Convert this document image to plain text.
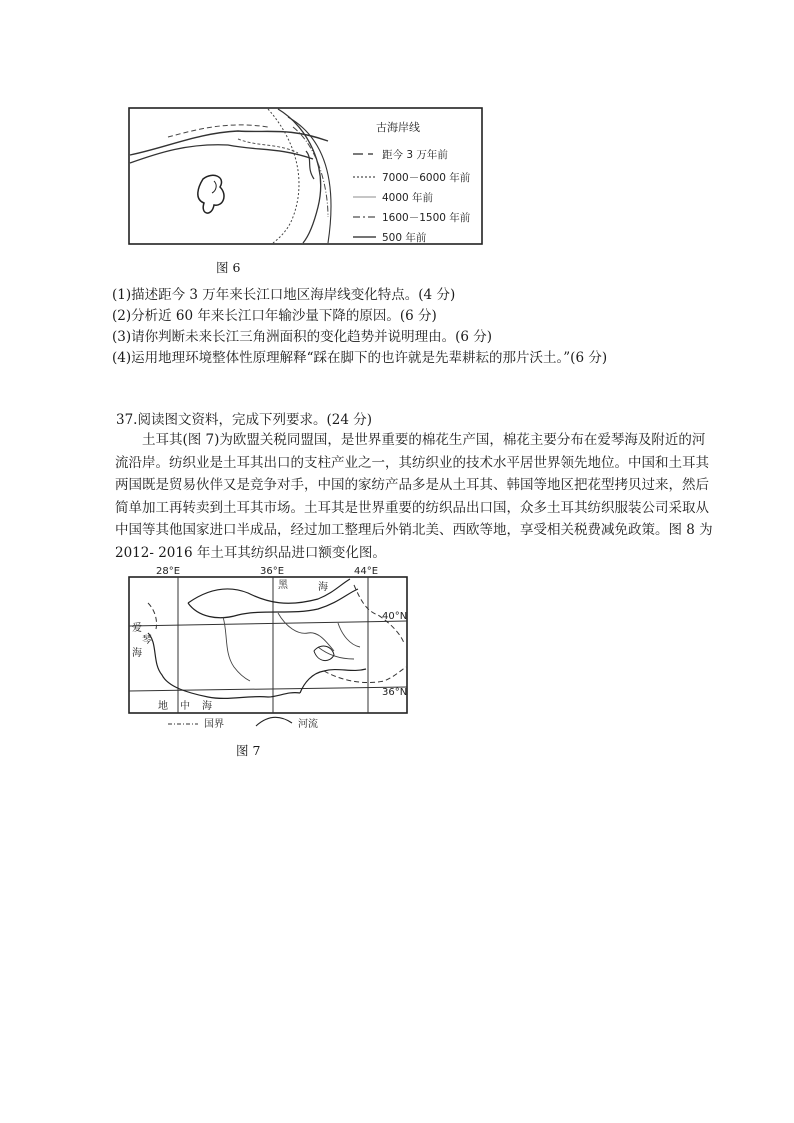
古海岸线
距今 3 万年前
7000－6000 年前
4000 年前
1600－1500 年前
500 年前
图 6
(1)描述距今 3 万年来长江口地区海岸线变化特点。(4 分)
(2)分析近 60 年来长江口年输沙量下降的原因。(6 分)
(3)请你判断未来长江三角洲面积的变化趋势并说明理由。(6 分)
(4)运用地理环境整体性原理解释“踩在脚下的也许就是先辈耕耘的那片沃土。”(6 分)
37.阅读图文资料，完成下列要求。(24 分)

土耳其(图 7)为欧盟关税同盟国，是世界重要的棉花生产国，棉花主要分布在爱琴海及附近的河流沿岸。纺织业是土耳其出口的支柱产业之一，其纺织业的技术水平居世界领先地位。中国和土耳其两国既是贸易伙伴又是竞争对手，中国的家纺产品多是从土耳其、韩国等地区把花型拷贝过来，然后简单加工再转卖到土耳其市场。土耳其是世界重要的纺织品出口国，众多土耳其纺织服装公司采取从中国等其他国家进口半成品，经过加工整理后外销北美、西欧等地，享受相关税费减免政策。图 8 为 2012- 2016 年土耳其纺织品进口额变化图。

28°E	36°E	44°E
40°N
36°N
黑	海
爱
琴
海
地 中 海
国界	河流
图 7
